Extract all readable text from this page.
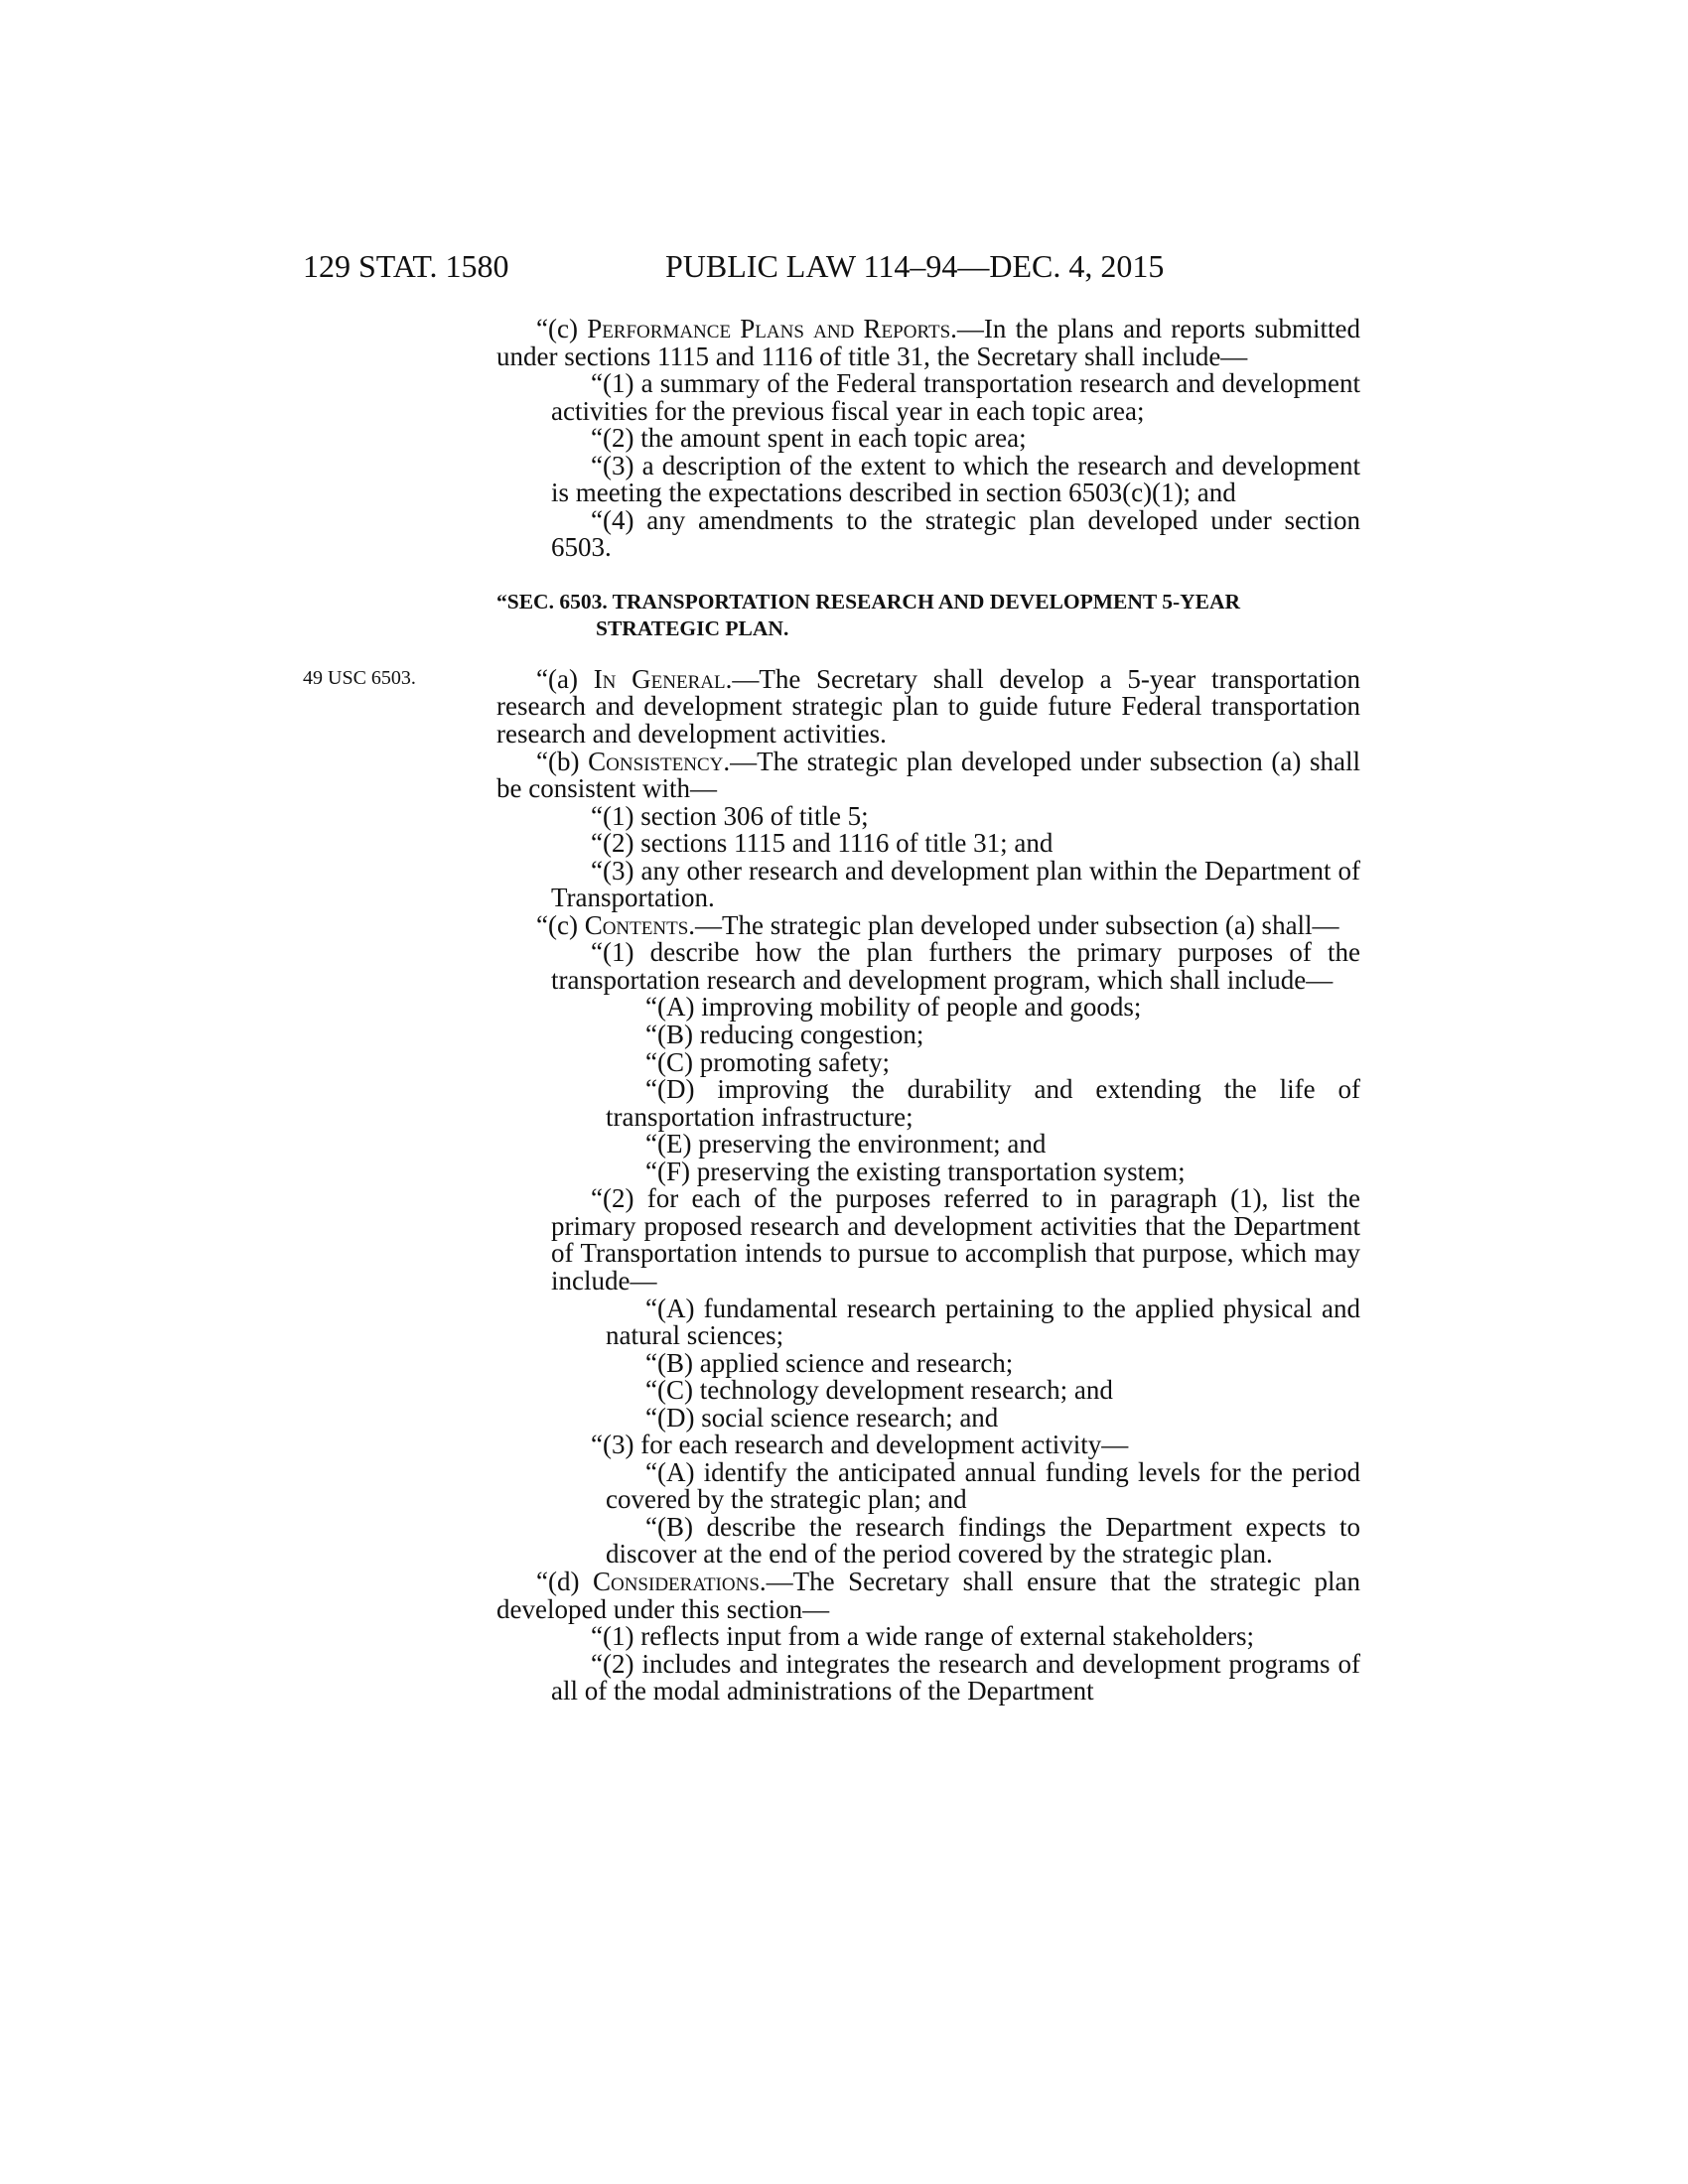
129 STAT. 1580	PUBLIC LAW 114–94—DEC. 4, 2015
49 USC 6503.

“(c) Performance Plans and Reports.—In the plans and reports submitted under sections 1115 and 1116 of title 31, the Secretary shall include—

“(1) a summary of the Federal transportation research and development activities for the previous fiscal year in each topic area;

“(2) the amount spent in each topic area;

“(3) a description of the extent to which the research and development is meeting the expectations described in section 6503(c)(1); and

“(4) any amendments to the strategic plan developed under section 6503.

“SEC. 6503. TRANSPORTATION RESEARCH AND DEVELOPMENT 5-YEAR STRATEGIC PLAN.

“(a) In General.—The Secretary shall develop a 5-year transportation research and development strategic plan to guide future Federal transportation research and development activities.

“(b) Consistency.—The strategic plan developed under subsection (a) shall be consistent with—

“(1) section 306 of title 5;

“(2) sections 1115 and 1116 of title 31; and

“(3) any other research and development plan within the Department of Transportation.

“(c) Contents.—The strategic plan developed under subsection (a) shall—

“(1) describe how the plan furthers the primary purposes of the transportation research and development program, which shall include—

“(A) improving mobility of people and goods;

“(B) reducing congestion;

“(C) promoting safety;

“(D) improving the durability and extending the life of transportation infrastructure;

“(E) preserving the environment; and

“(F) preserving the existing transportation system;

“(2) for each of the purposes referred to in paragraph (1), list the primary proposed research and development activities that the Department of Transportation intends to pursue to accomplish that purpose, which may include—

“(A) fundamental research pertaining to the applied physical and natural sciences;

“(B) applied science and research;

“(C) technology development research; and

“(D) social science research; and

“(3) for each research and development activity—

“(A) identify the anticipated annual funding levels for the period covered by the strategic plan; and

“(B) describe the research findings the Department expects to discover at the end of the period covered by the strategic plan.

“(d) Considerations.—The Secretary shall ensure that the strategic plan developed under this section—

“(1) reflects input from a wide range of external stakeholders;

“(2) includes and integrates the research and development programs of all of the modal administrations of the Department
